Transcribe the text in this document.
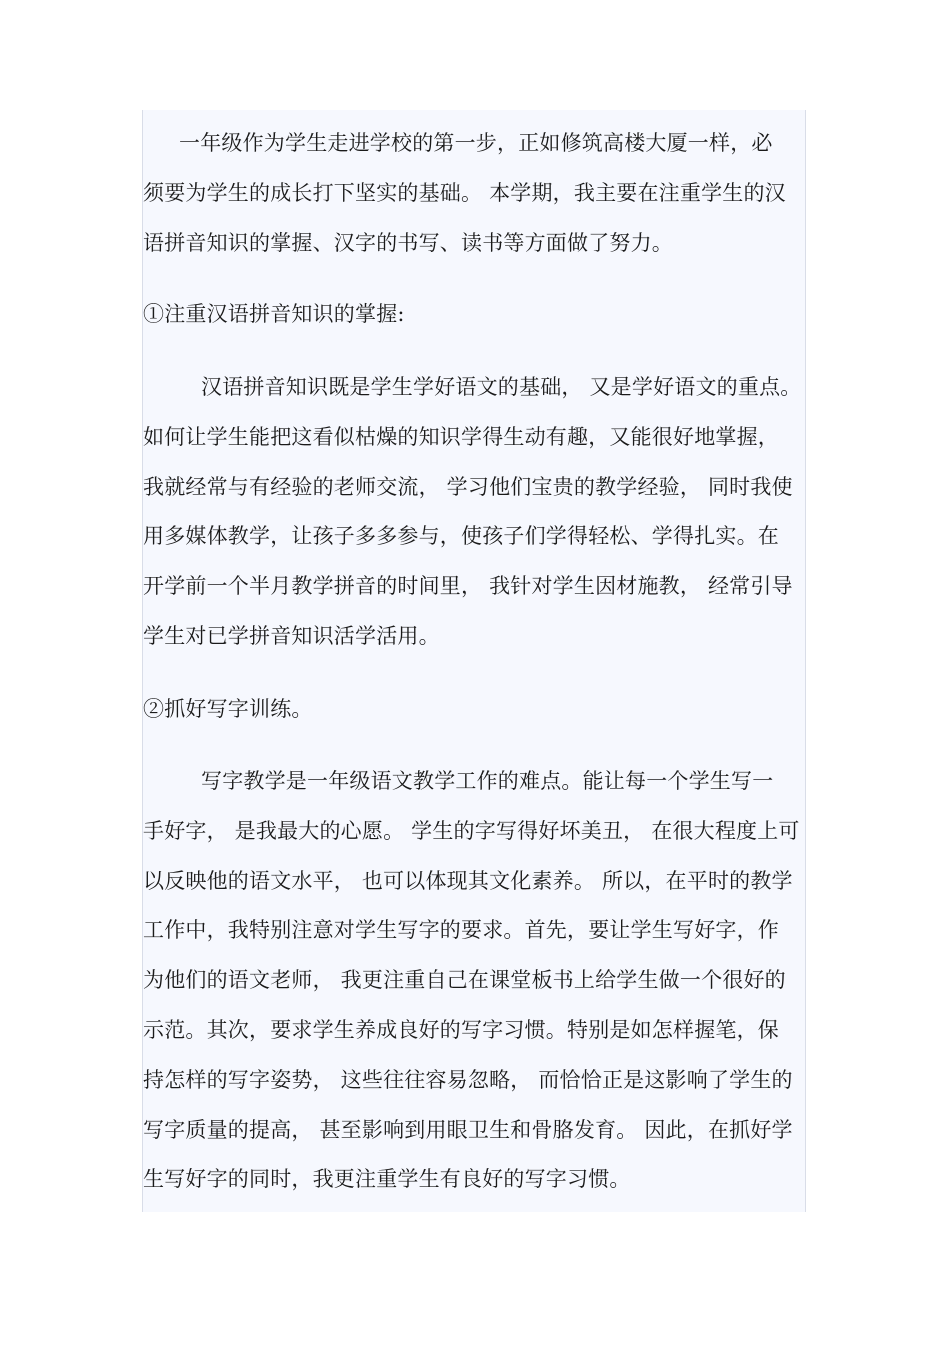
一年级作为学生走进学校的第一步，正如修筑高楼大厦一样，必
须要为学生的成长打下坚实的基础。 本学期，我主要在注重学生的汉
语拼音知识的掌握、汉字的书写、读书等方面做了努力。
①注重汉语拼音知识的掌握:
汉语拼音知识既是学生学好语文的基础， 又是学好语文的重点。
如何让学生能把这看似枯燥的知识学得生动有趣，又能很好地掌握，
我就经常与有经验的老师交流， 学习他们宝贵的教学经验， 同时我使
用多媒体教学，让孩子多多参与，使孩子们学得轻松、学得扎实。在
开学前一个半月教学拼音的时间里， 我针对学生因材施教， 经常引导
学生对已学拼音知识活学活用。
②抓好写字训练。
写字教学是一年级语文教学工作的难点。能让每一个学生写一
手好字， 是我最大的心愿。 学生的字写得好坏美丑， 在很大程度上可
以反映他的语文水平， 也可以体现其文化素养。 所以，在平时的教学
工作中，我特别注意对学生写字的要求。首先，要让学生写好字，作
为他们的语文老师， 我更注重自己在课堂板书上给学生做一个很好的
示范。其次，要求学生养成良好的写字习惯。特别是如怎样握笔，保
持怎样的写字姿势， 这些往往容易忽略， 而恰恰正是这影响了学生的
写字质量的提高， 甚至影响到用眼卫生和骨胳发育。 因此，在抓好学
生写好字的同时，我更注重学生有良好的写字习惯。
